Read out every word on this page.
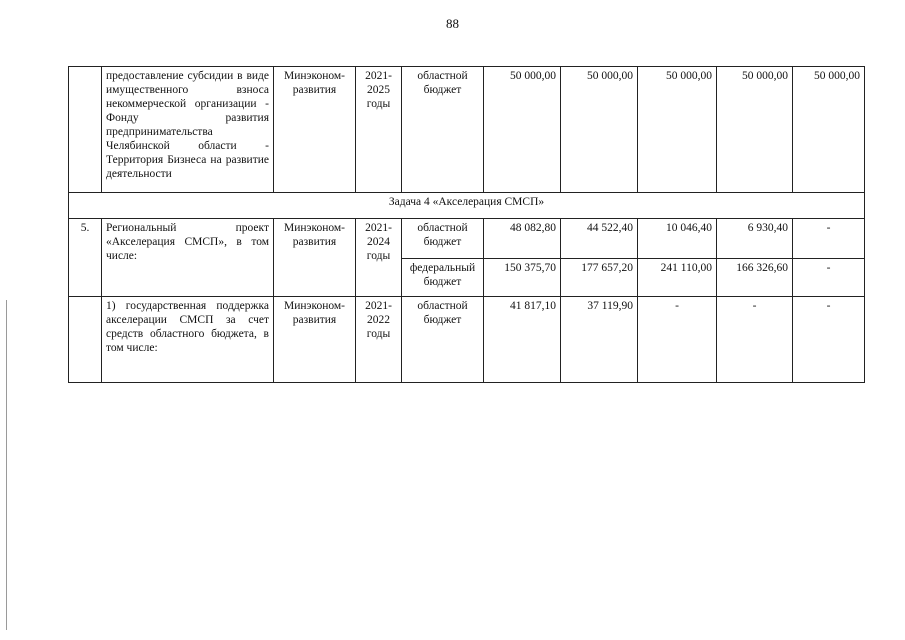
88
	предоставление субсидии в виде имущественного взноса некоммерческой организации - Фонду развития предпринимательства Челябинской области - Территория Бизнеса на развитие деятельности	Минэконом-развития	2021-2025 годы	областной бюджет	50 000,00	50 000,00	50 000,00	50 000,00	50 000,00
Задача 4 «Акселерация СМСП»									
5.	Региональный проект «Акселерация СМСП», в том числе:	Минэконом-развития	2021-2024 годы	областной бюджет	48 082,80	44 522,40	10 046,40	6 930,40	-
				федеральный бюджет	150 375,70	177 657,20	241 110,00	166 326,60	-
	1) государственная поддержка акселерации СМСП за счет средств областного бюджета, в том числе:	Минэконом-развития	2021-2022 годы	областной бюджет	41 817,10	37 119,90	-	-	-
